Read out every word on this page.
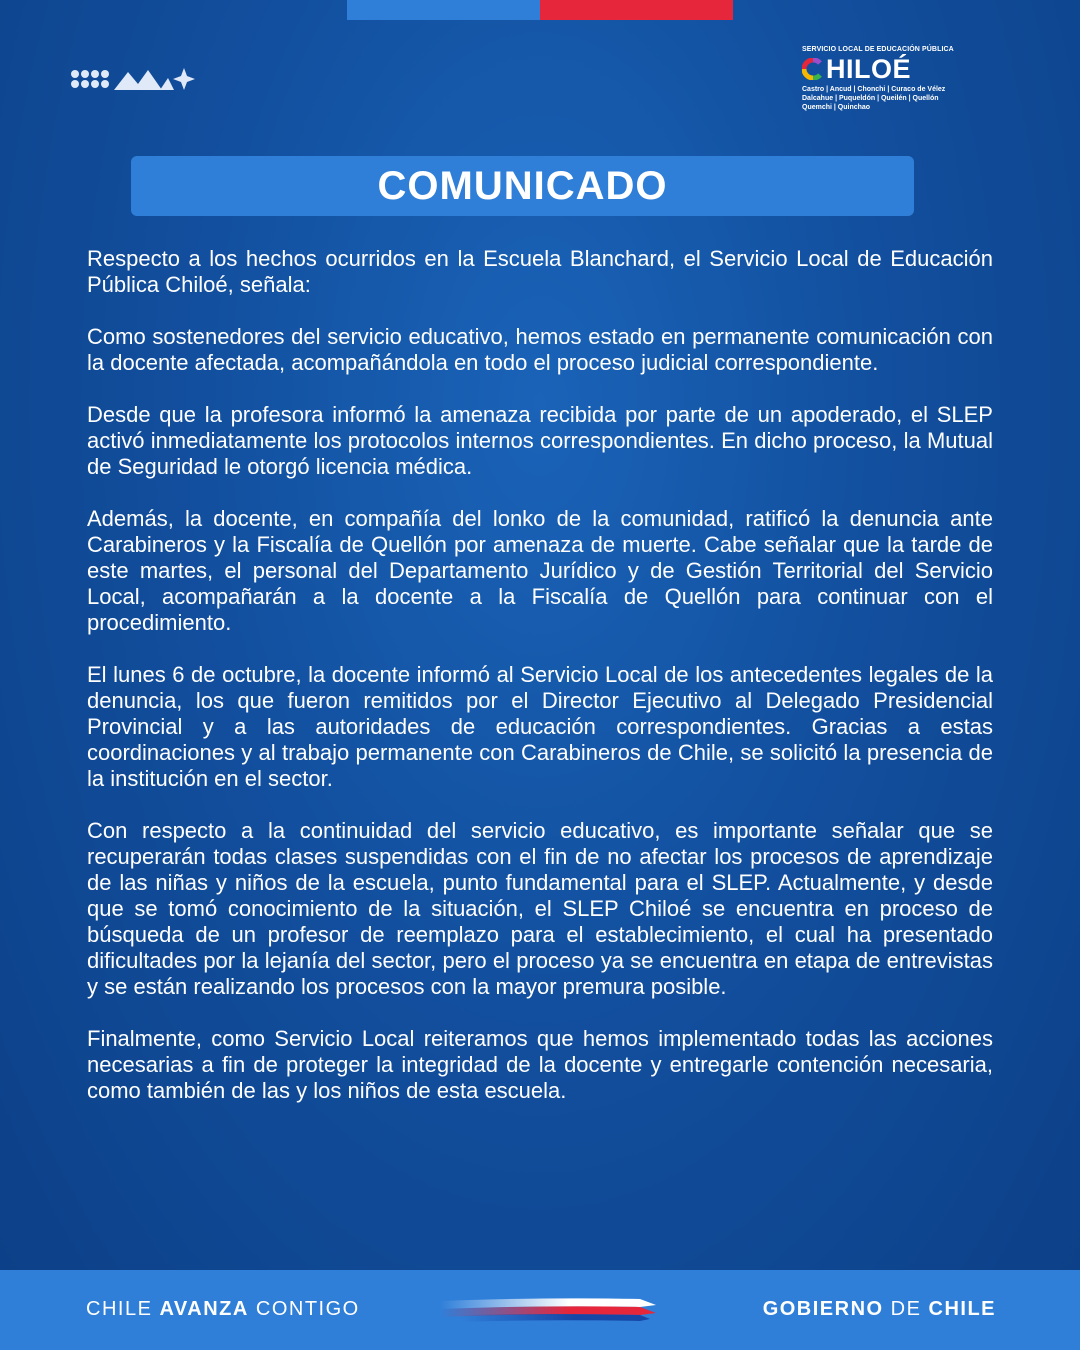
SERVICIO LOCAL DE EDUCACIÓN PÚBLICA
HILOÉ
Castro | Ancud | Chonchi | Curaco de Vélez
Dalcahue | Puqueldón | Queilén | Quellón
Quemchi | Quinchao
COMUNICADO

Respecto a los hechos ocurridos en la Escuela Blanchard, el Servicio Local de Educación Pública Chiloé, señala:

Como sostenedores del servicio educativo, hemos estado en permanente comunicación con la docente afectada, acompañándola en todo el proceso judicial correspondiente.

Desde que la profesora informó la amenaza recibida por parte de un apoderado, el SLEP activó inmediatamente los protocolos internos correspondientes. En dicho proceso, la Mutual de Seguridad le otorgó licencia médica.

Además, la docente, en compañía del lonko de la comunidad, ratificó la denuncia ante Carabineros y la Fiscalía de Quellón por amenaza de muerte. Cabe señalar que la tarde de este martes, el personal del Departamento Jurídico y de Gestión Territorial del Servicio Local, acompañarán a la docente a la Fiscalía de Quellón para continuar con el procedimiento.

El lunes 6 de octubre, la docente informó al Servicio Local de los antecedentes legales de la denuncia, los que fueron remitidos por el Director Ejecutivo al Delegado Presidencial Provincial y a las autoridades de educación correspondientes. Gracias a estas coordinaciones y al trabajo permanente con Carabineros de Chile, se solicitó la presencia de la institución en el sector.

Con respecto a la continuidad del servicio educativo, es importante señalar que se recuperarán todas clases suspendidas con el fin de no afectar los procesos de aprendizaje de las niñas y niños de la escuela, punto fundamental para el SLEP. Actualmente, y desde que se tomó conocimiento de la situación, el SLEP Chiloé se encuentra en proceso de búsqueda de un profesor de reemplazo para el establecimiento, el cual ha presentado dificultades por la lejanía del sector, pero el proceso ya se encuentra en etapa de entrevistas y se están realizando los procesos con la mayor premura posible.

Finalmente, como Servicio Local reiteramos que hemos implementado todas las acciones necesarias a fin de proteger la integridad de la docente y entregarle contención necesaria, como también de las y los niños de esta escuela.

CHILE AVANZA CONTIGO	GOBIERNO DE CHILE
